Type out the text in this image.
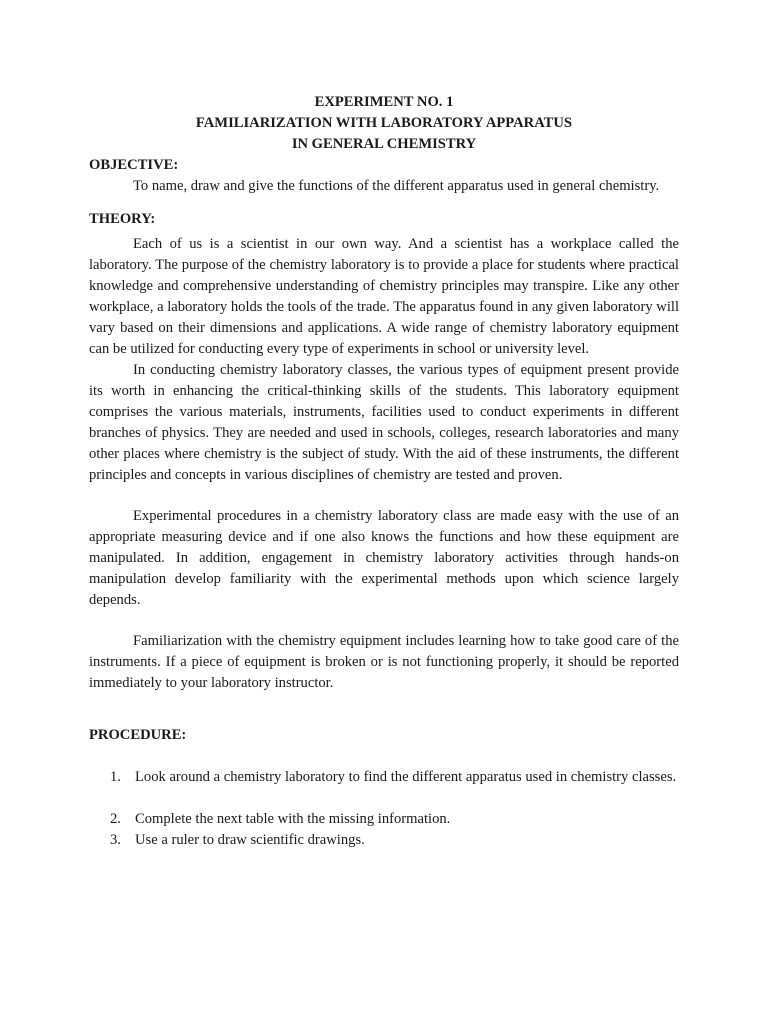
EXPERIMENT NO. 1
FAMILIARIZATION WITH LABORATORY APPARATUS
IN GENERAL CHEMISTRY
OBJECTIVE:

To name, draw and give the functions of the different apparatus used in general chemistry.

THEORY:

Each of us is a scientist in our own way. And a scientist has a workplace called the laboratory. The purpose of the chemistry laboratory is to provide a place for students where practical knowledge and comprehensive understanding of chemistry principles may transpire. Like any other workplace, a laboratory holds the tools of the trade. The apparatus found in any given laboratory will vary based on their dimensions and applications. A wide range of chemistry laboratory equipment can be utilized for conducting every type of experiments in school or university level.

In conducting chemistry laboratory classes, the various types of equipment present provide its worth in enhancing the critical-thinking skills of the students. This laboratory equipment comprises the various materials, instruments, facilities used to conduct experiments in different branches of physics. They are needed and used in schools, colleges, research laboratories and many other places where chemistry is the subject of study. With the aid of these instruments, the different principles and concepts in various disciplines of chemistry are tested and proven.

Experimental procedures in a chemistry laboratory class are made easy with the use of an appropriate measuring device and if one also knows the functions and how these equipment are manipulated. In addition, engagement in chemistry laboratory activities through hands-on manipulation develop familiarity with the experimental methods upon which science largely depends.

Familiarization with the chemistry equipment includes learning how to take good care of the instruments. If a piece of equipment is broken or is not functioning properly, it should be reported immediately to your laboratory instructor.

PROCEDURE:
1. Look around a chemistry laboratory to find the different apparatus used in chemistry classes.
2. Complete the next table with the missing information.
3. Use a ruler to draw scientific drawings.
